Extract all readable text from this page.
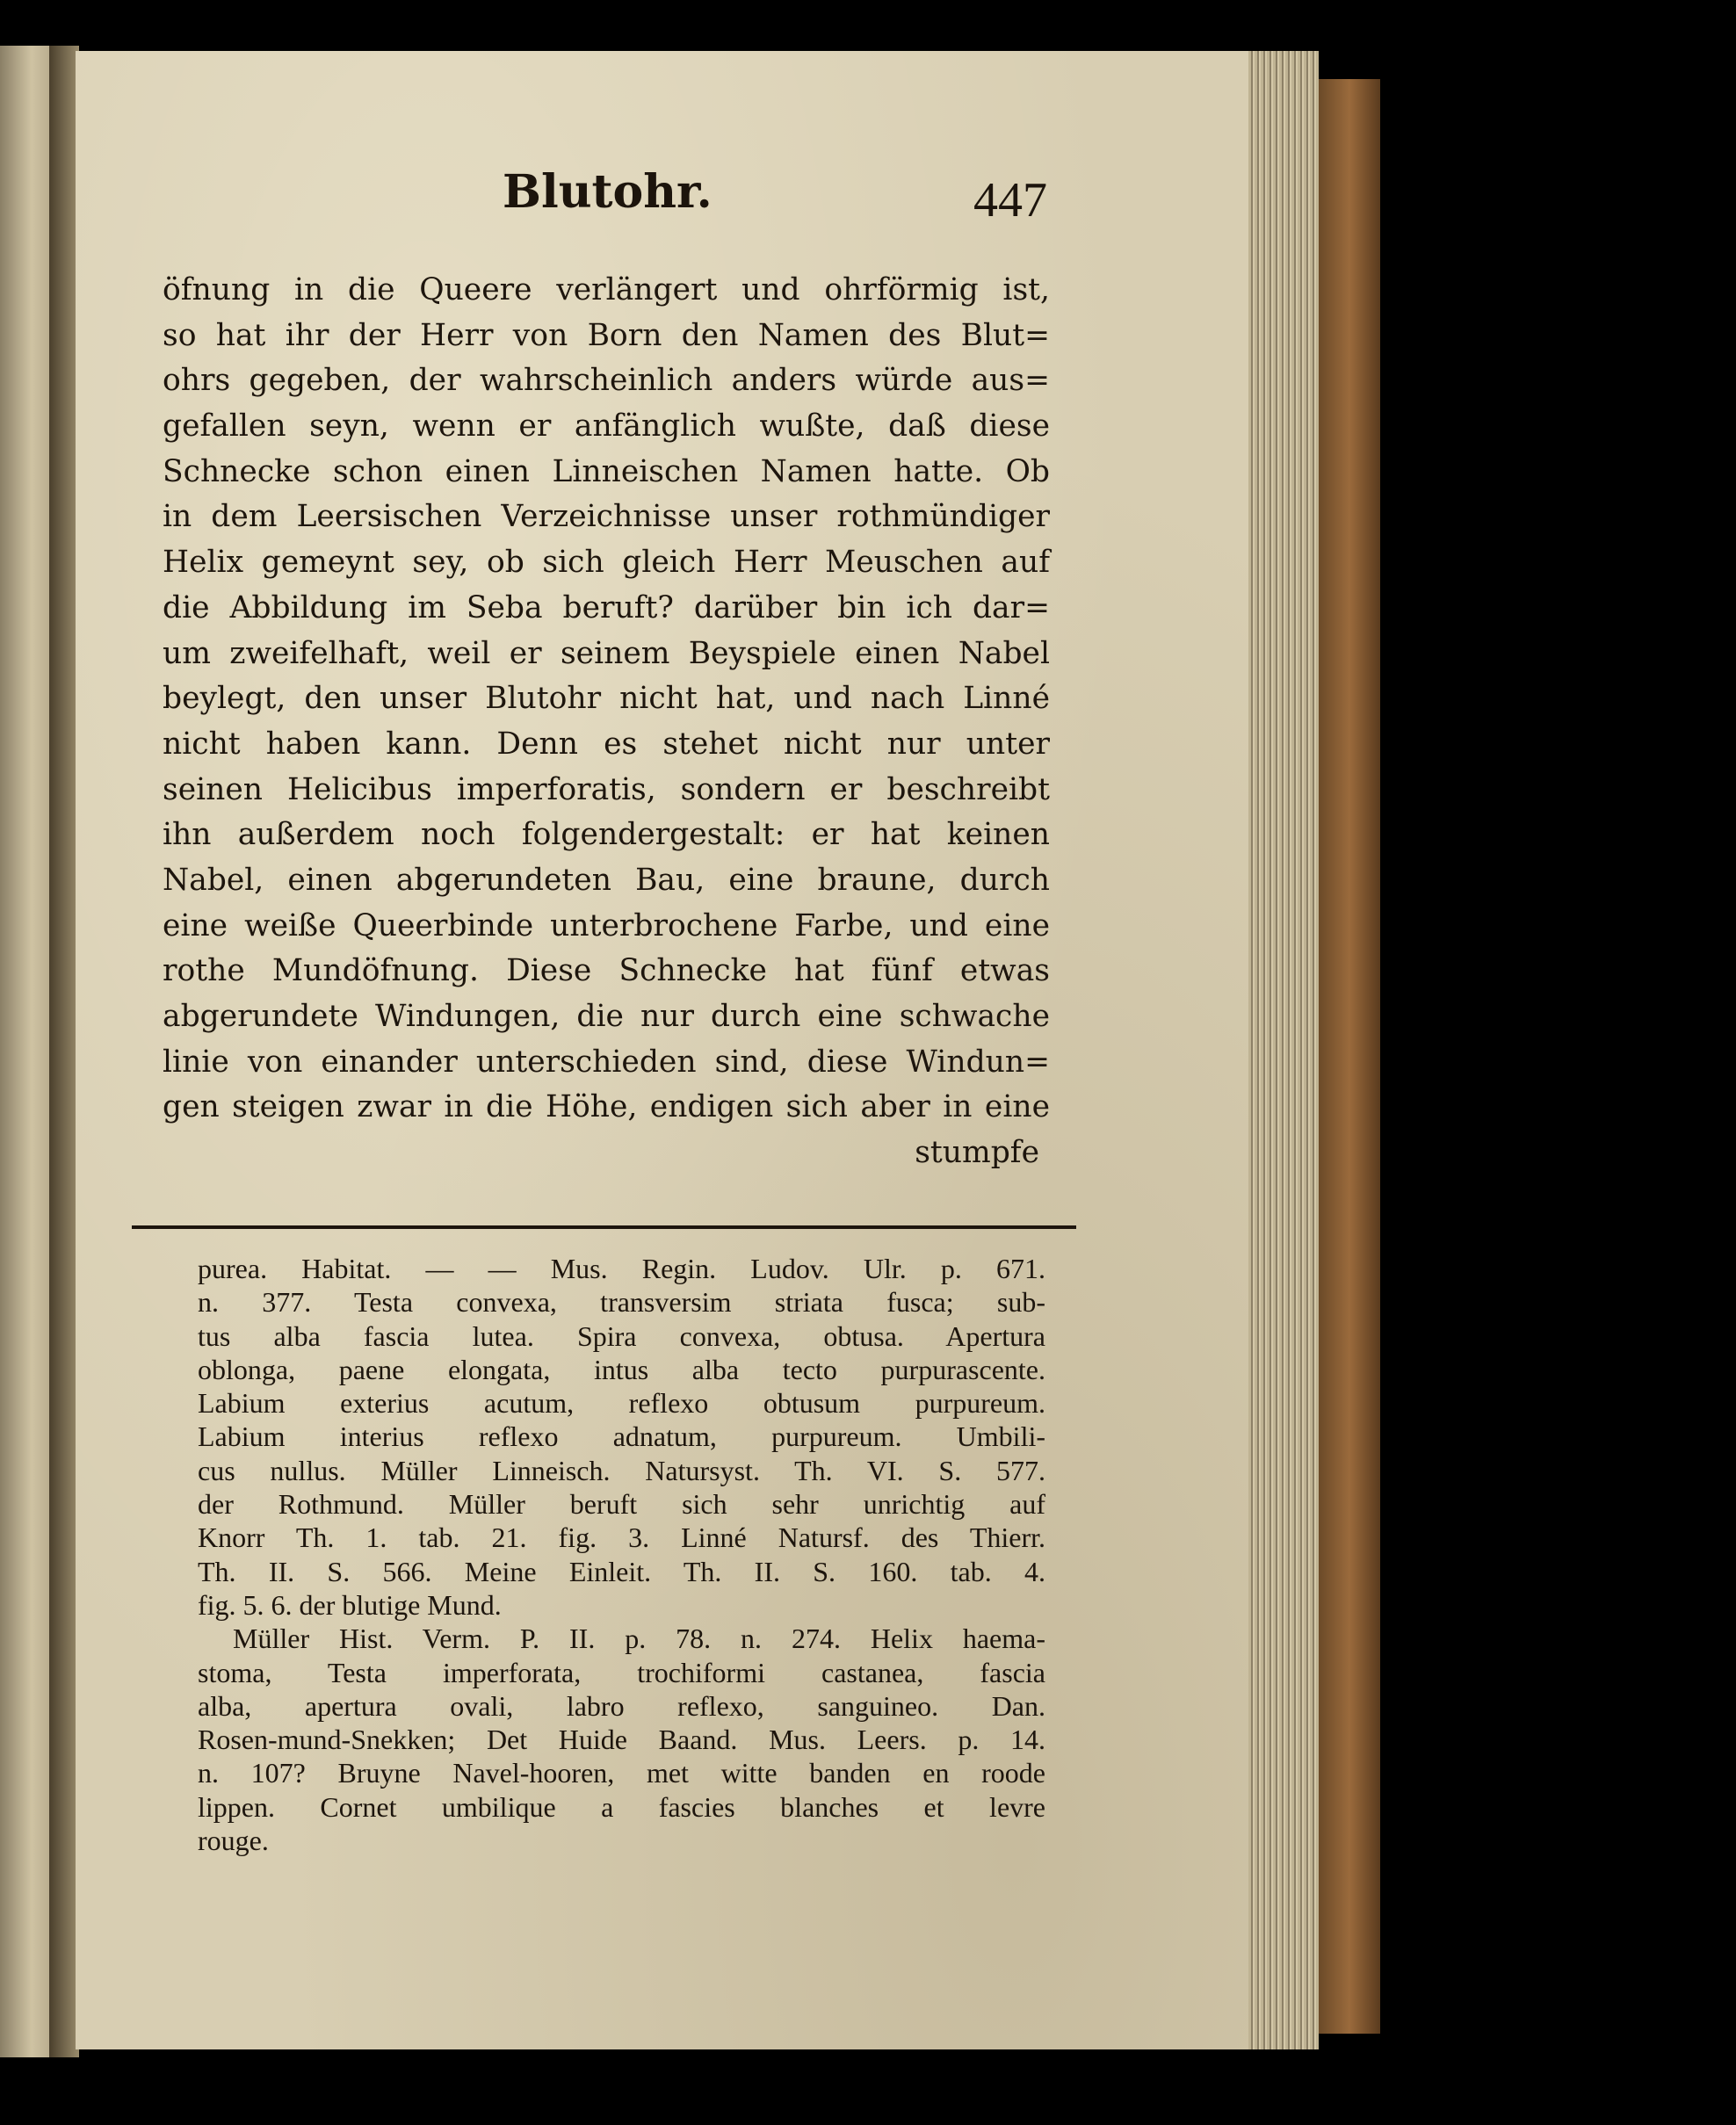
Blutohr.	447
öfnung in die Queere verlängert und ohrförmig ist,
so hat ihr der Herr von Born den Namen des Blut=
ohrs gegeben, der wahrscheinlich anders würde aus=
gefallen seyn, wenn er anfänglich wußte, daß diese
Schnecke schon einen Linneischen Namen hatte. Ob
in dem Leersischen Verzeichnisse unser rothmündiger
Helix gemeynt sey, ob sich gleich Herr Meuschen auf
die Abbildung im Seba beruft? darüber bin ich dar=
um zweifelhaft, weil er seinem Beyspiele einen Nabel
beylegt, den unser Blutohr nicht hat, und nach Linné
nicht haben kann. Denn es stehet nicht nur unter
seinen Helicibus imperforatis, sondern er beschreibt
ihn außerdem noch folgendergestalt: er hat keinen
Nabel, einen abgerundeten Bau, eine braune, durch
eine weiße Queerbinde unterbrochene Farbe, und eine
rothe Mundöfnung. Diese Schnecke hat fünf etwas
abgerundete Windungen, die nur durch eine schwache
linie von einander unterschieden sind, diese Windun=
gen steigen zwar in die Höhe, endigen sich aber in eine
stumpfe
purea. Habitat. — — Mus. Regin. Ludov. Ulr. p. 671.
n. 377. Testa convexa, transversim striata fusca; sub-
tus alba fascia lutea. Spira convexa, obtusa. Apertura
oblonga, paene elongata, intus alba tecto purpurascente.
Labium exterius acutum, reflexo obtusum purpureum.
Labium interius reflexo adnatum, purpureum. Umbili-
cus nullus. Müller Linneisch. Natursyst. Th. VI. S. 577.
der Rothmund. Müller beruft sich sehr unrichtig auf
Knorr Th. 1. tab. 21. fig. 3. Linné Natursf. des Thierr.
Th. II. S. 566. Meine Einleit. Th. II. S. 160. tab. 4.
fig. 5. 6. der blutige Mund.
Müller Hist. Verm. P. II. p. 78. n. 274. Helix haema-
stoma, Testa imperforata, trochiformi castanea, fascia
alba, apertura ovali, labro reflexo, sanguineo. Dan.
Rosen-mund-Snekken; Det Huide Baand. Mus. Leers. p. 14.
n. 107? Bruyne Navel-hooren, met witte banden en roode
lippen. Cornet umbilique a fascies blanches et levre
rouge.
